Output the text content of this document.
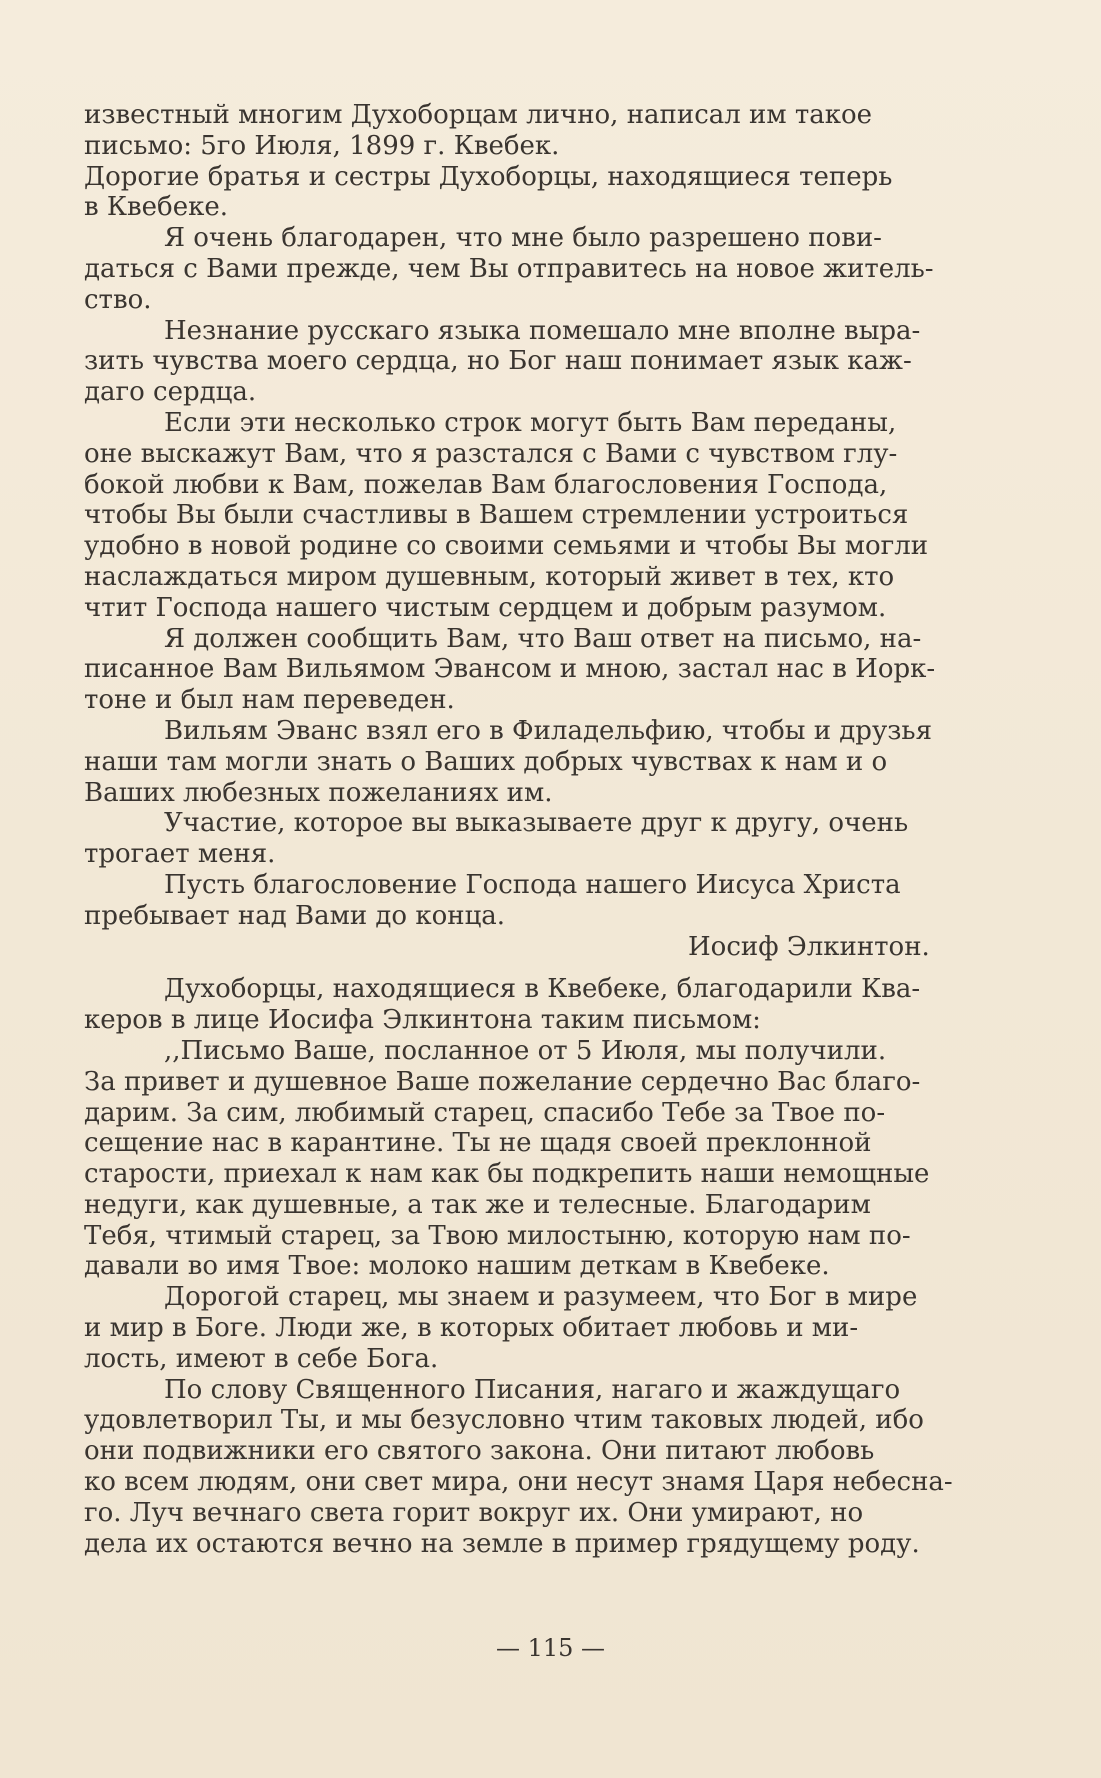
известный многим Духоборцам лично, написал им такое
письмо: 5го Июля, 1899 г. Квебек.
Дорогие братья и сестры Духоборцы, находящиеся теперь
в Квебеке.
Я очень благодарен, что мне было разрешено пови-
даться с Вами прежде, чем Вы отправитесь на новое житель-
ство.
Незнание русскаго языка помешало мне вполне выра-
зить чувства моего сердца, но Бог наш понимает язык каж-
даго сердца.
Если эти несколько строк могут быть Вам переданы,
оне выскажут Вам, что я разстался с Вами с чувством глу-
бокой любви к Вам, пожелав Вам благословения Господа,
чтобы Вы были счастливы в Вашем стремлении устроиться
удобно в новой родине со своими семьями и чтобы Вы могли
наслаждаться миром душевным, который живет в тех, кто
чтит Господа нашего чистым сердцем и добрым разумом.
Я должен сообщить Вам, что Ваш ответ на письмо, на-
писанное Вам Вильямом Эвансом и мною, застал нас в Иорк-
тоне и был нам переведен.
Вильям Эванс взял его в Филадельфию, чтобы и друзья
наши там могли знать о Ваших добрых чувствах к нам и о
Ваших любезных пожеланиях им.
Участие, которое вы выказываете друг к другу, очень
трогает меня.
Пусть благословение Господа нашего Иисуса Христа
пребывает над Вами до конца.
Иосиф Элкинтон.
Духоборцы, находящиеся в Квебеке, благодарили Ква-
керов в лице Иосифа Элкинтона таким письмом:
,,Письмо Ваше, посланное от 5 Июля, мы получили.
За привет и душевное Ваше пожелание сердечно Вас благо-
дарим. За сим, любимый старец, спасибо Тебе за Твое по-
сещение нас в карантине. Ты не щадя своей преклонной
старости, приехал к нам как бы подкрепить наши немощные
недуги, как душевные, а так же и телесные. Благодарим
Тебя, чтимый старец, за Твою милостыню, которую нам по-
давали во имя Твое: молоко нашим деткам в Квебеке.
Дорогой старец, мы знаем и разумеем, что Бог в мире
и мир в Боге. Люди же, в которых обитает любовь и ми-
лость, имеют в себе Бога.
По слову Священного Писания, нагаго и жаждущаго
удовлетворил Ты, и мы безусловно чтим таковых людей, ибо
они подвижники его святого закона. Они питают любовь
ко всем людям, они свет мира, они несут знамя Царя небесна-
го. Луч вечнаго света горит вокруг их. Они умирают, но
дела их остаются вечно на земле в пример грядущему роду.
— 115 —
